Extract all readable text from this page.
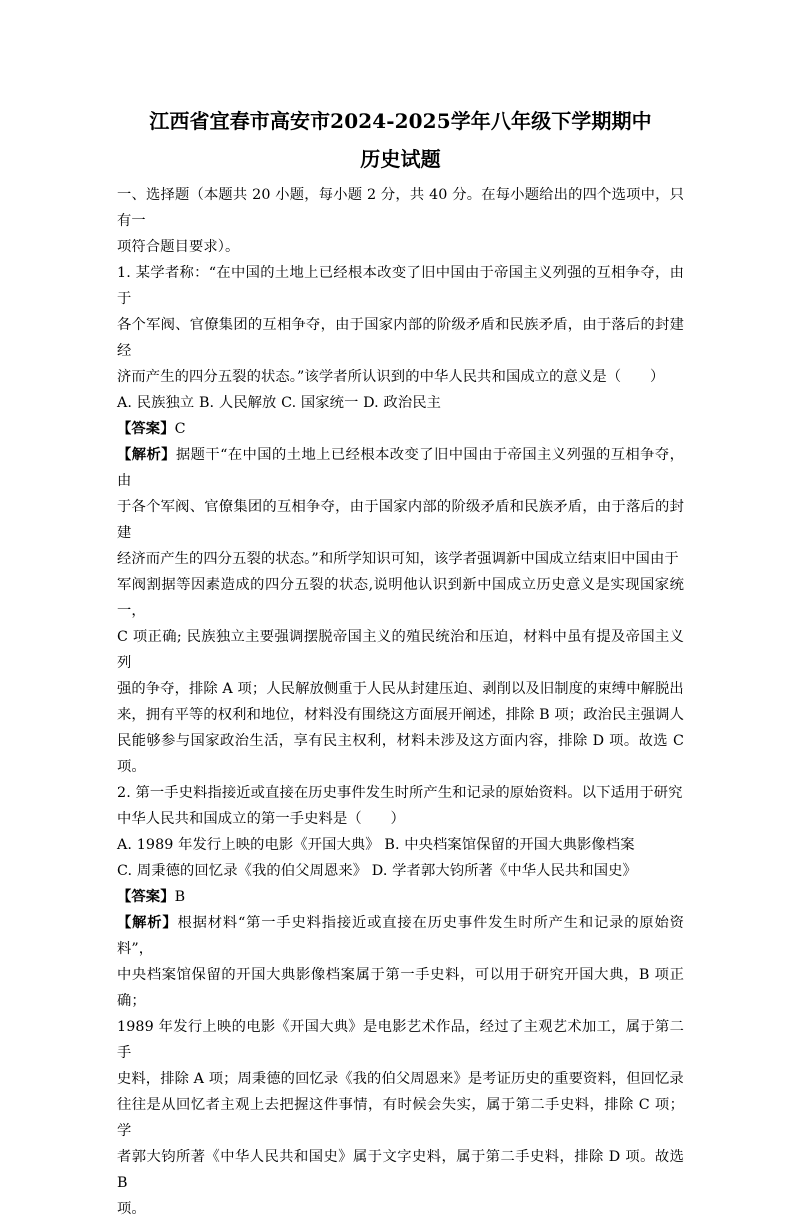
江西省宜春市高安市2024-2025学年八年级下学期期中
历史试题

一、选择题（本题共 20 小题，每小题 2 分，共 40 分。在每小题给出的四个选项中，只有一

项符合题目要求）。

1. 某学者称：“在中国的土地上已经根本改变了旧中国由于帝国主义列强的互相争夺，由于

各个军阀、官僚集团的互相争夺，由于国家内部的阶级矛盾和民族矛盾，由于落后的封建经

济而产生的四分五裂的状态。”该学者所认识到的中华人民共和国成立的意义是（　　）

A. 民族独立 B. 人民解放 C. 国家统一 D. 政治民主

【答案】C

【解析】据题干“在中国的土地上已经根本改变了旧中国由于帝国主义列强的互相争夺，由

于各个军阀、官僚集团的互相争夺，由于国家内部的阶级矛盾和民族矛盾，由于落后的封建

经济而产生的四分五裂的状态。”和所学知识可知，该学者强调新中国成立结束旧中国由于

军阀割据等因素造成的四分五裂的状态,说明他认识到新中国成立历史意义是实现国家统一，

C 项正确; 民族独立主要强调摆脱帝国主义的殖民统治和压迫，材料中虽有提及帝国主义列

强的争夺，排除 A 项；人民解放侧重于人民从封建压迫、剥削以及旧制度的束缚中解脱出

来，拥有平等的权利和地位，材料没有围绕这方面展开阐述，排除 B 项；政治民主强调人

民能够参与国家政治生活，享有民主权利，材料未涉及这方面内容，排除 D 项。故选 C 项。

2. 第一手史料指接近或直接在历史事件发生时所产生和记录的原始资料。以下适用于研究

中华人民共和国成立的第一手史料是（　　）

A. 1989 年发行上映的电影《开国大典》 B. 中央档案馆保留的开国大典影像档案

C. 周秉德的回忆录《我的伯父周恩来》 D. 学者郭大钧所著《中华人民共和国史》

【答案】B

【解析】根据材料“第一手史料指接近或直接在历史事件发生时所产生和记录的原始资料”，

中央档案馆保留的开国大典影像档案属于第一手史料，可以用于研究开国大典，B 项正确；

1989 年发行上映的电影《开国大典》是电影艺术作品，经过了主观艺术加工，属于第二手

史料，排除 A 项；周秉德的回忆录《我的伯父周恩来》是考证历史的重要资料，但回忆录

往往是从回忆者主观上去把握这件事情，有时候会失实，属于第二手史料，排除 C 项；学

者郭大钧所著《中华人民共和国史》属于文字史料，属于第二手史料，排除 D 项。故选 B

项。
